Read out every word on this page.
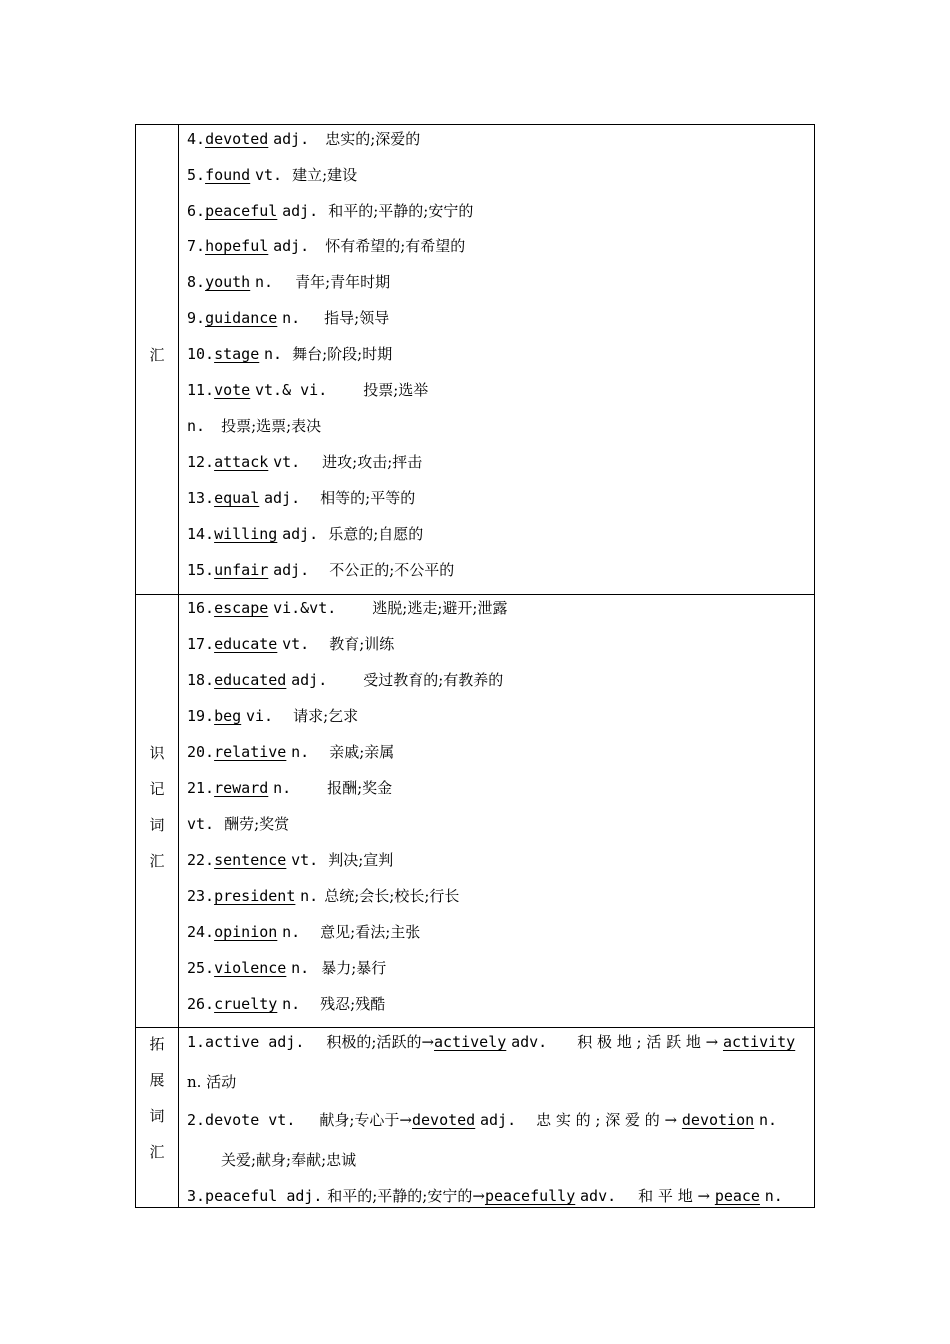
汇
4.devoted adj. 忠实的;深爱的
5.found vt. 建立;建设
6.peaceful adj. 和平的;平静的;安宁的
7.hopeful adj. 怀有希望的;有希望的
8.youth n. 青年;青年时期
9.guidance n. 指导;领导
10.stage n. 舞台;阶段;时期
11.vote vt.& vi. 投票;选举
n. 投票;选票;表决
12.attack vt. 进攻;攻击;抨击
13.equal adj. 相等的;平等的
14.willing adj. 乐意的;自愿的
15.unfair adj. 不公正的;不公平的
识
记
词
汇
16.escape vi.&vt. 逃脱;逃走;避开;泄露
17.educate vt. 教育;训练
18.educated adj. 受过教育的;有教养的
19.beg vi. 请求;乞求
20.relative n. 亲戚;亲属
21.reward n. 报酬;奖金
vt. 酬劳;奖赏
22.sentence vt. 判决;宣判
23.president n. 总统;会长;校长;行长
24.opinion n. 意见;看法;主张
25.violence n. 暴力;暴行
26.cruelty n. 残忍;残酷
拓
展
词
汇
1.active adj. 积极的;活跃的→actively adv. 积 极 地 ; 活 跃 地 → activity
n. 活动
2.devote vt. 献身;专心于→devoted adj. 忠 实 的 ; 深 爱 的 → devotion n.
关爱;献身;奉献;忠诚
3.peaceful adj. 和平的;平静的;安宁的→peacefully adv. 和 平 地 → peace n.
